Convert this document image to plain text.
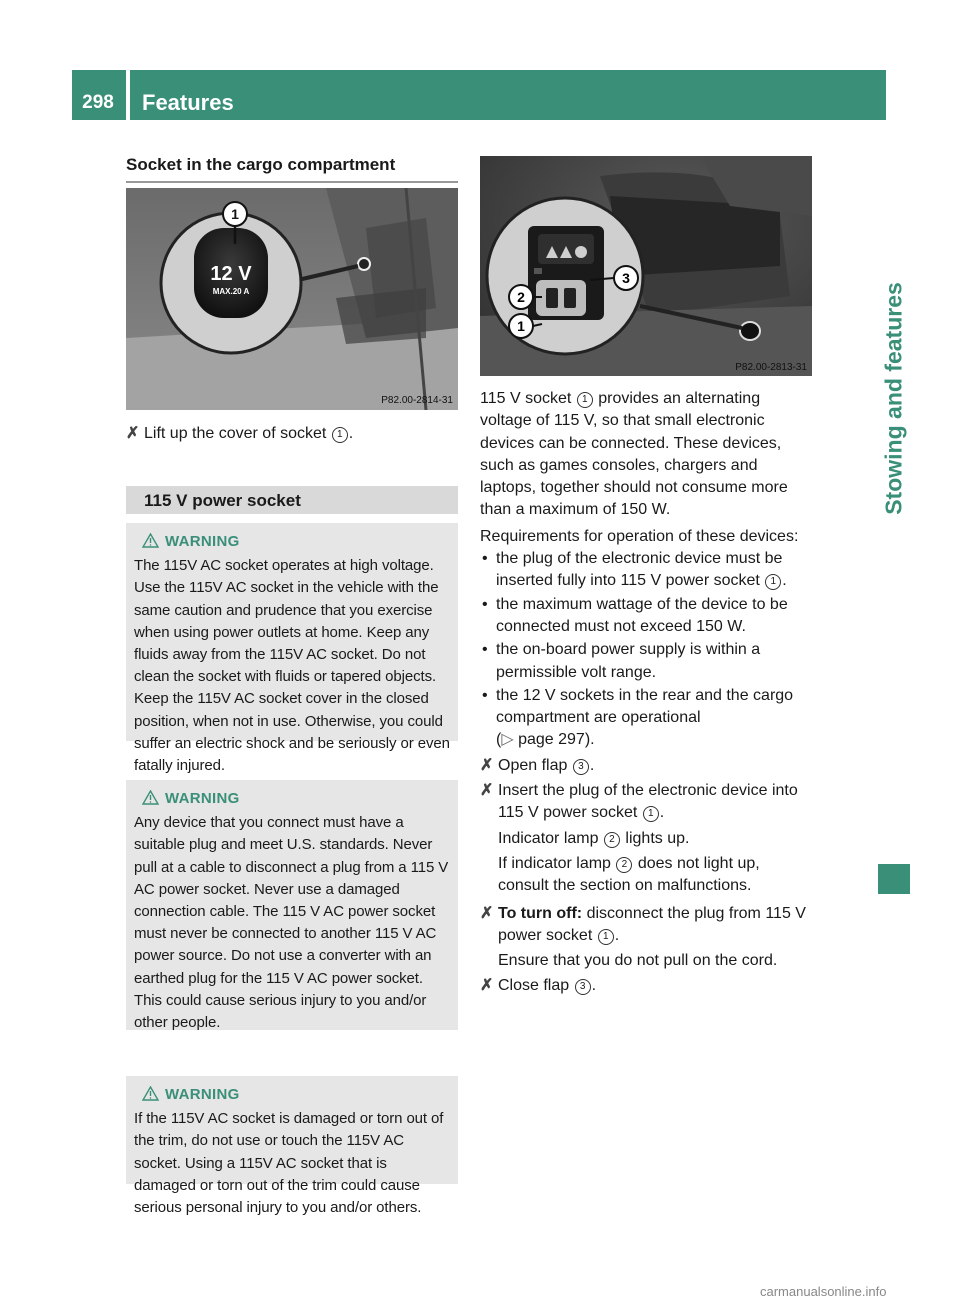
298	Features
Stowing and features
Socket in the cargo compartment
12 V
MAX.20 A
1
P82.00-2814-31
✗ Lift up the cover of socket 1 .
115 V power socket
WARNING
The 115V AC socket operates at high voltage. Use the 115V AC socket in the vehicle with the same caution and prudence that you exercise when using power outlets at home. Keep any fluids away from the 115V AC socket. Do not clean the socket with fluids or tapered objects. Keep the 115V AC socket cover in the closed position, when not in use. Otherwise, you could suffer an electric shock and be seriously or even fatally injured.
WARNING
Any device that you connect must have a suitable plug and meet U.S. standards. Never pull at a cable to disconnect a plug from a 115 V AC power socket. Never use a damaged connection cable. The 115 V AC power socket must never be connected to another 115 V AC power source. Do not use a converter with an earthed plug for the 115 V AC power socket. This could cause serious injury to you and/or other people.
WARNING
If the 115V AC socket is damaged or torn out of the trim, do not use or touch the 115V AC socket. Using a 115V AC socket that is damaged or torn out of the trim could cause serious personal injury to you and/or others.
3
2
1
P82.00-2813-31

115 V socket 1 provides an alternating voltage of 115 V, so that small electronic devices can be connected. These devices, such as games consoles, chargers and laptops, together should not consume more than a maximum of 150 W.

Requirements for operation of these devices:

• the plug of the electronic device must be inserted fully into 115 V power socket 1 .
• the maximum wattage of the device to be connected must not exceed 150 W.
• the on-board power supply is within a permissible volt range.
• the 12 V sockets in the rear and the cargo compartment are operational
(▷ page 297).
✗ Open flap 3 .
✗ Insert the plug of the electronic device into 115 V power socket 1 .
Indicator lamp 2 lights up.
If indicator lamp 2 does not light up, consult the section on malfunctions.
✗ To turn off: disconnect the plug from 115 V power socket 1 .
Ensure that you do not pull on the cord.
✗ Close flap 3 .
carmanualsonline.info
